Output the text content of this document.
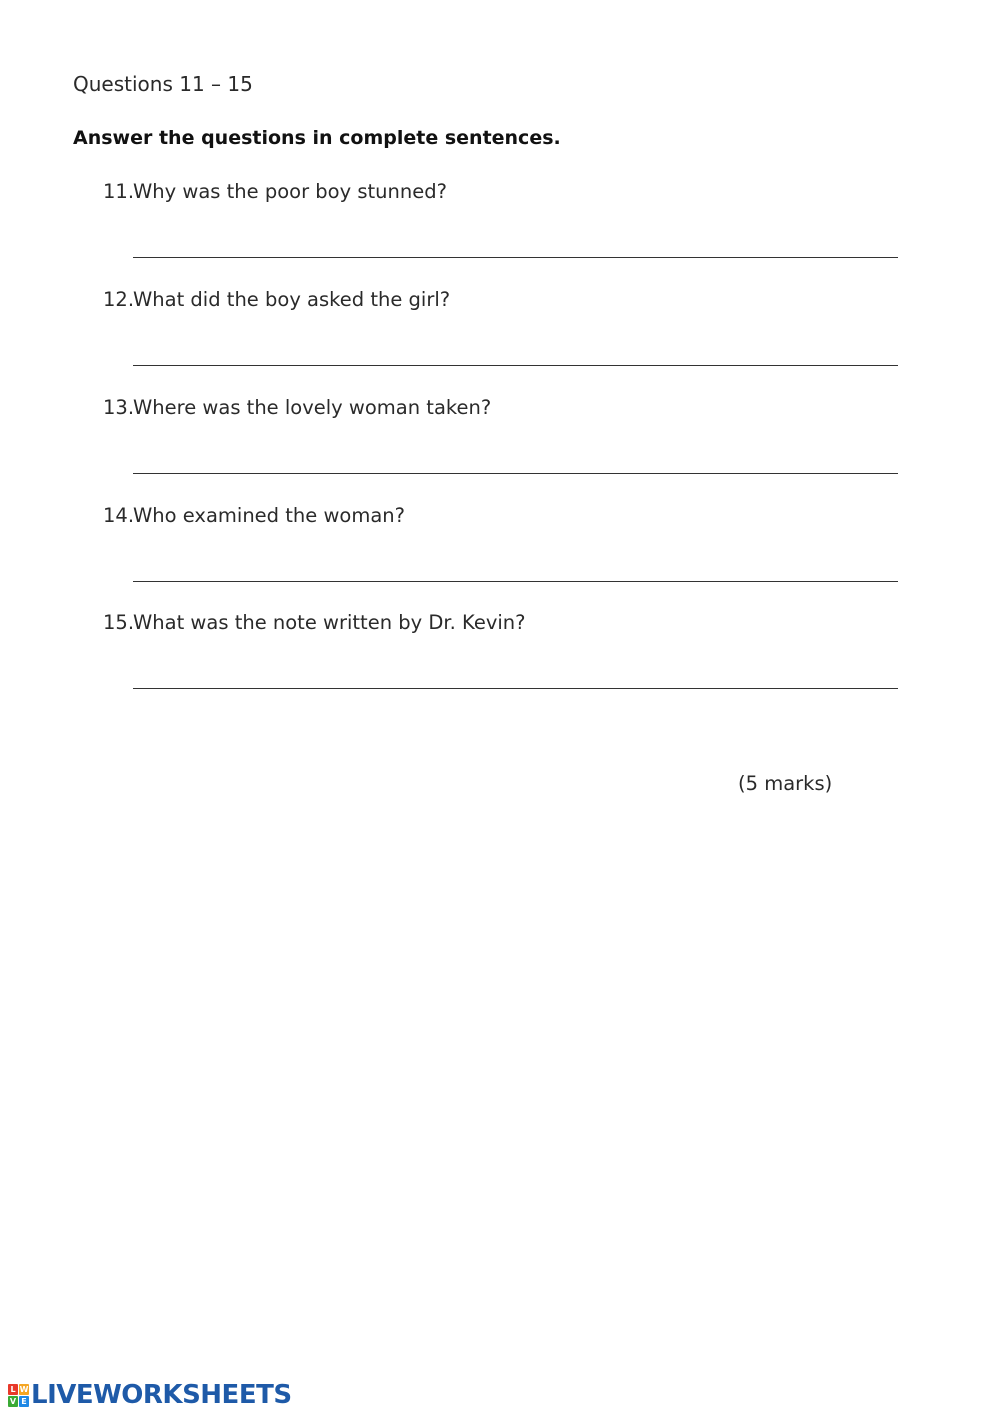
Questions 11 – 15
Answer the questions in complete sentences.
11.
Why was the poor boy stunned?
12.
What did the boy asked the girl?
13.
Where was the lovely woman taken?
14.
Who examined the woman?
15.
What was the note written by Dr. Kevin?
(5 marks)
L W
V E LIVEWORKSHEETS
